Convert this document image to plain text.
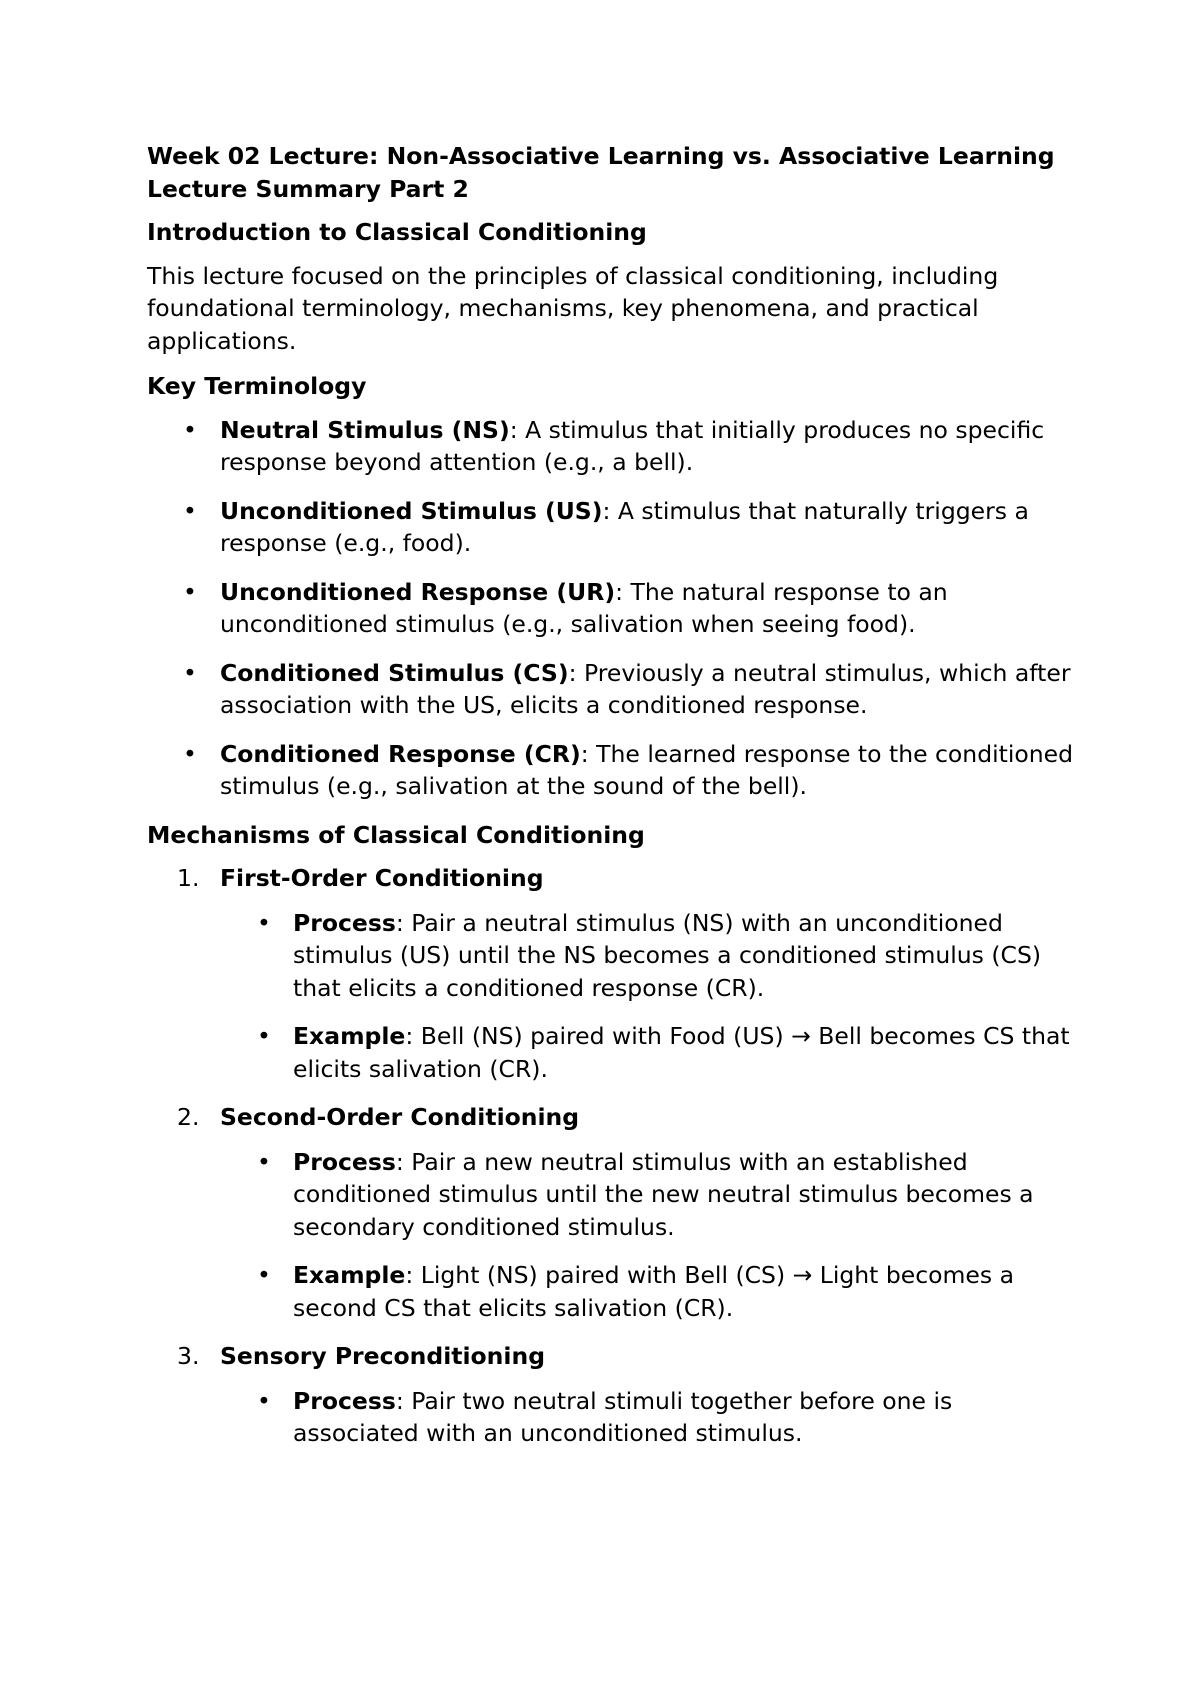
Week 02 Lecture: Non-Associative Learning vs. Associative Learning Lecture Summary Part 2
Introduction to Classical Conditioning
This lecture focused on the principles of classical conditioning, including foundational terminology, mechanisms, key phenomena, and practical applications.
Key Terminology
• Neutral Stimulus (NS): A stimulus that initially produces no specific response beyond attention (e.g., a bell).
• Unconditioned Stimulus (US): A stimulus that naturally triggers a response (e.g., food).
• Unconditioned Response (UR): The natural response to an unconditioned stimulus (e.g., salivation when seeing food).
• Conditioned Stimulus (CS): Previously a neutral stimulus, which after association with the US, elicits a conditioned response.
• Conditioned Response (CR): The learned response to the conditioned stimulus (e.g., salivation at the sound of the bell).
Mechanisms of Classical Conditioning
1. First-Order Conditioning
• Process: Pair a neutral stimulus (NS) with an unconditioned stimulus (US) until the NS becomes a conditioned stimulus (CS) that elicits a conditioned response (CR).
• Example: Bell (NS) paired with Food (US) → Bell becomes CS that elicits salivation (CR).
2. Second-Order Conditioning
• Process: Pair a new neutral stimulus with an established conditioned stimulus until the new neutral stimulus becomes a secondary conditioned stimulus.
• Example: Light (NS) paired with Bell (CS) → Light becomes a second CS that elicits salivation (CR).
3. Sensory Preconditioning
• Process: Pair two neutral stimuli together before one is associated with an unconditioned stimulus.
